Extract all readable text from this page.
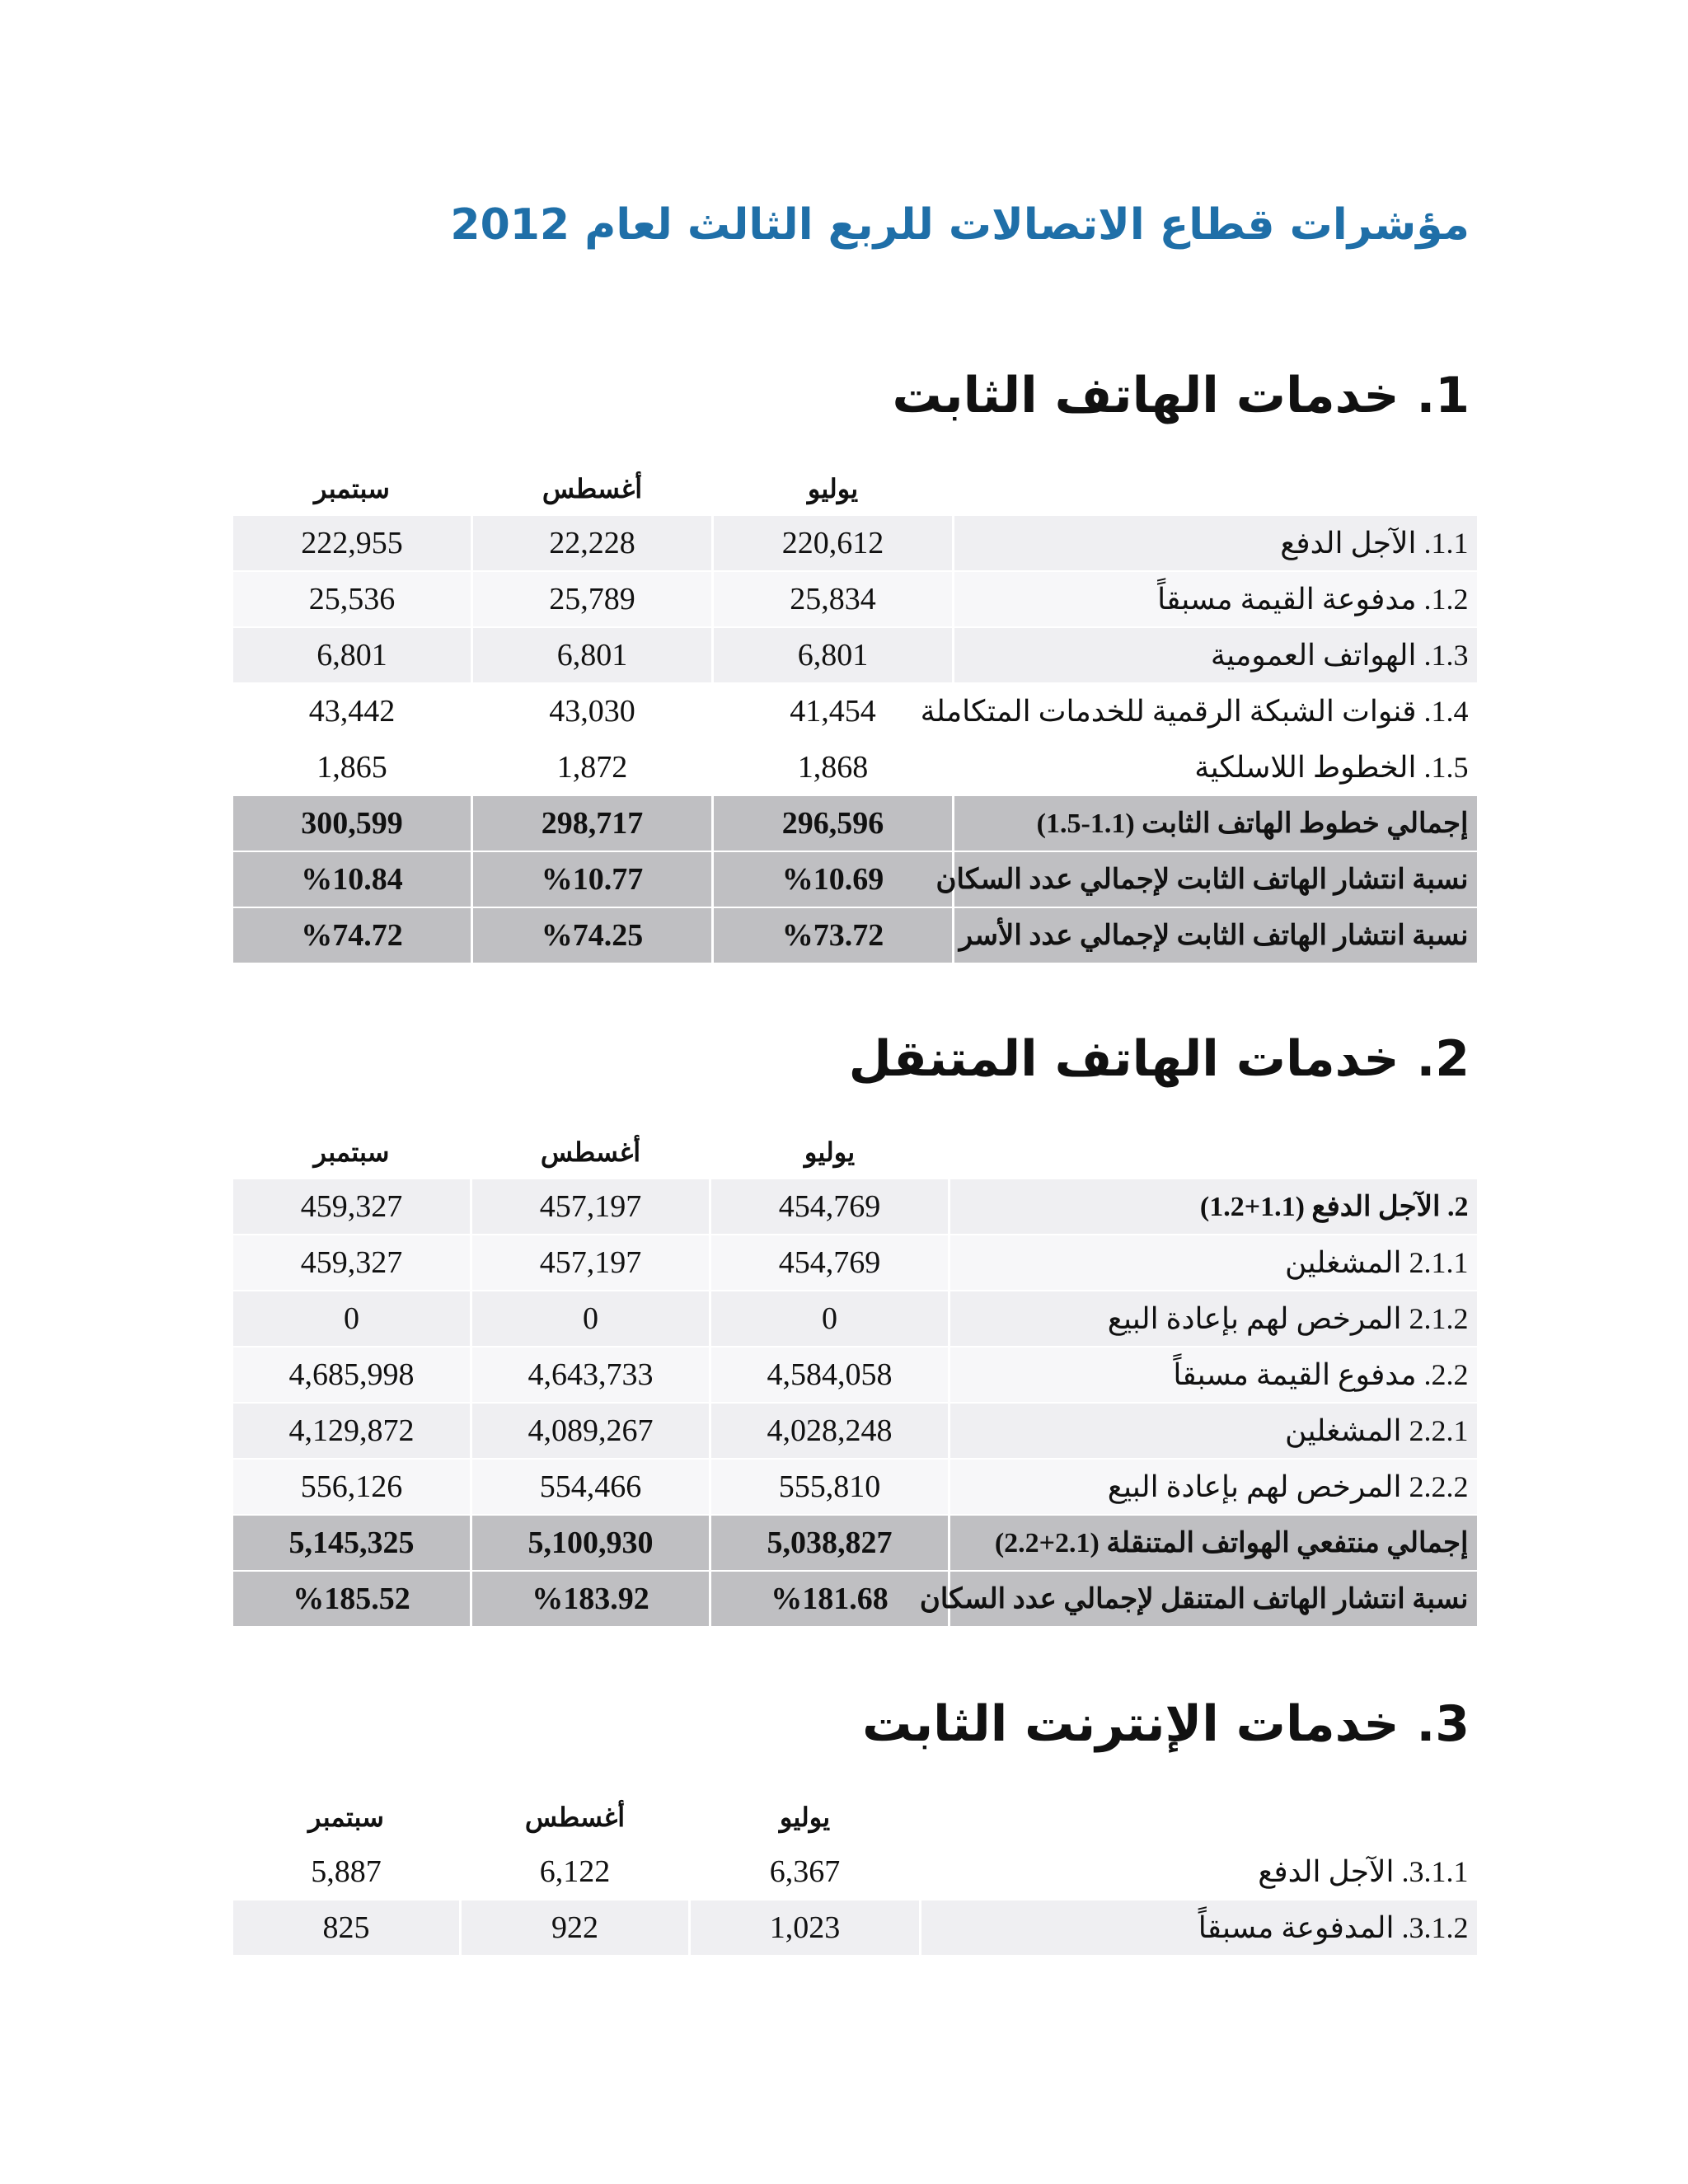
مؤشرات قطاع الاتصالات للربع الثالث لعام 2012
1. خدمات الهاتف الثابت
	يوليو	أغسطس	سبتمبر
1.1. الآجل الدفع	220,612	22,228	222,955
1.2. مدفوعة القيمة مسبقاً	25,834	25,789	25,536
1.3. الهواتف العمومية	6,801	6,801	6,801
1.4. قنوات الشبكة الرقمية للخدمات المتكاملة	41,454	43,030	43,442
1.5. الخطوط اللاسلكية	1,868	1,872	1,865
إجمالي خطوط الهاتف الثابت (1.1-1.5)	296,596	298,717	300,599
نسبة انتشار الهاتف الثابت لإجمالي عدد السكان	%10.69	%10.77	%10.84
نسبة انتشار الهاتف الثابت لإجمالي عدد الأسر	%73.72	%74.25	%74.72
2. خدمات الهاتف المتنقل
	يوليو	أغسطس	سبتمبر
2. الآجل الدفع (1.1+1.2)	454,769	457,197	459,327
2.1.1 المشغلين	454,769	457,197	459,327
2.1.2 المرخص لهم بإعادة البيع	0	0	0
2.2. مدفوع القيمة مسبقاً	4,584,058	4,643,733	4,685,998
2.2.1 المشغلين	4,028,248	4,089,267	4,129,872
2.2.2 المرخص لهم بإعادة البيع	555,810	554,466	556,126
إجمالي منتفعي الهواتف المتنقلة (2.1+2.2)	5,038,827	5,100,930	5,145,325
نسبة انتشار الهاتف المتنقل لإجمالي عدد السكان	%181.68	%183.92	%185.52
3. خدمات الإنترنت الثابت
	يوليو	أغسطس	سبتمبر
3.1.1. الآجل الدفع	6,367	6,122	5,887
3.1.2. المدفوعة مسبقاً	1,023	922	825
